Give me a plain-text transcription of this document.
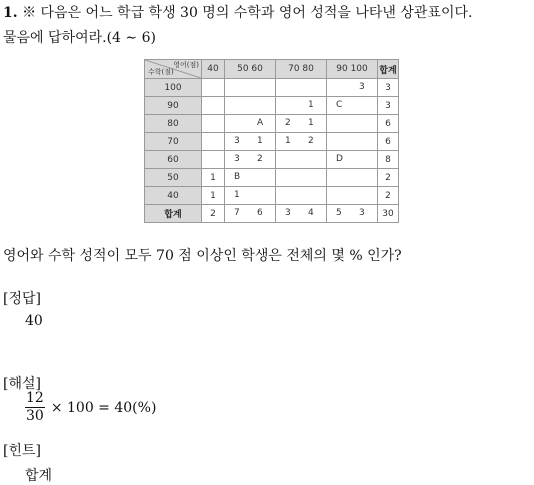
1. ※ 다음은 어느 학급 학생 30 명의 수학과 영어 성적을 나타낸 상관표이다.
물음에 답하여라.(4 ∼ 6)
영어(점)
수학(점)	40	50 60	70 80	90 100	합계
100				3	3
90			1	C	3
80		A	2 1		6
70		3 1	1 2		6
60		3 2		D	8
50	1	B			2
40	1	1			2
합계	2	7 6	3 4	5 3	30
영어와 수학 성적이 모두 70 점 이상인 학생은 전체의 몇 % 인가?
[정답]
40
[해설]
$\frac{12}{30} \times 100 = 40(\%)$
[힌트]
합계
